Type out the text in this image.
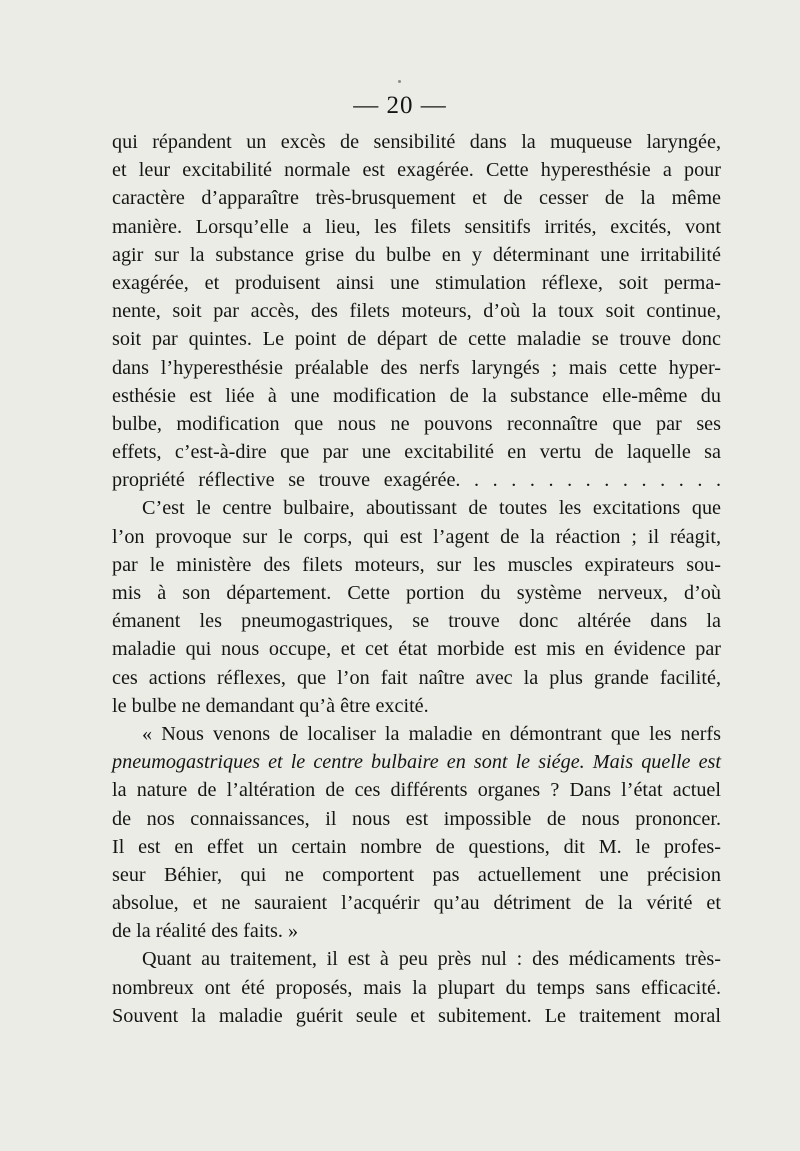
— 20 —
qui répandent un excès de sensibilité dans la muqueuse laryngée,
et leur excitabilité normale est exagérée. Cette hyperesthésie a pour
caractère d’apparaître très-brusquement et de cesser de la même
manière. Lorsqu’elle a lieu, les filets sensitifs irrités, excités, vont
agir sur la substance grise du bulbe en y déterminant une irritabilité
exagérée, et produisent ainsi une stimulation réflexe, soit perma-
nente, soit par accès, des filets moteurs, d’où la toux soit continue,
soit par quintes. Le point de départ de cette maladie se trouve donc
dans l’hyperesthésie préalable des nerfs laryngés ; mais cette hyper-
esthésie est liée à une modification de la substance elle-même du
bulbe, modification que nous ne pouvons reconnaître que par ses
effets, c’est-à-dire que par une excitabilité en vertu de laquelle sa
propriété réflective se trouve exagérée. . . . . . . . . . . . . . .
C’est le centre bulbaire, aboutissant de toutes les excitations que
l’on provoque sur le corps, qui est l’agent de la réaction ; il réagit,
par le ministère des filets moteurs, sur les muscles expirateurs sou-
mis à son département. Cette portion du système nerveux, d’où
émanent les pneumogastriques, se trouve donc altérée dans la
maladie qui nous occupe, et cet état morbide est mis en évidence par
ces actions réflexes, que l’on fait naître avec la plus grande facilité,
le bulbe ne demandant qu’à être excité.
« Nous venons de localiser la maladie en démontrant que les nerfs
pneumogastriques et le centre bulbaire en sont le siége. Mais quelle est
la nature de l’altération de ces différents organes ? Dans l’état actuel
de nos connaissances, il nous est impossible de nous prononcer.
Il est en effet un certain nombre de questions, dit M. le profes-
seur Béhier, qui ne comportent pas actuellement une précision
absolue, et ne sauraient l’acquérir qu’au détriment de la vérité et
de la réalité des faits. »
Quant au traitement, il est à peu près nul : des médicaments très-
nombreux ont été proposés, mais la plupart du temps sans efficacité.
Souvent la maladie guérit seule et subitement. Le traitement moral
